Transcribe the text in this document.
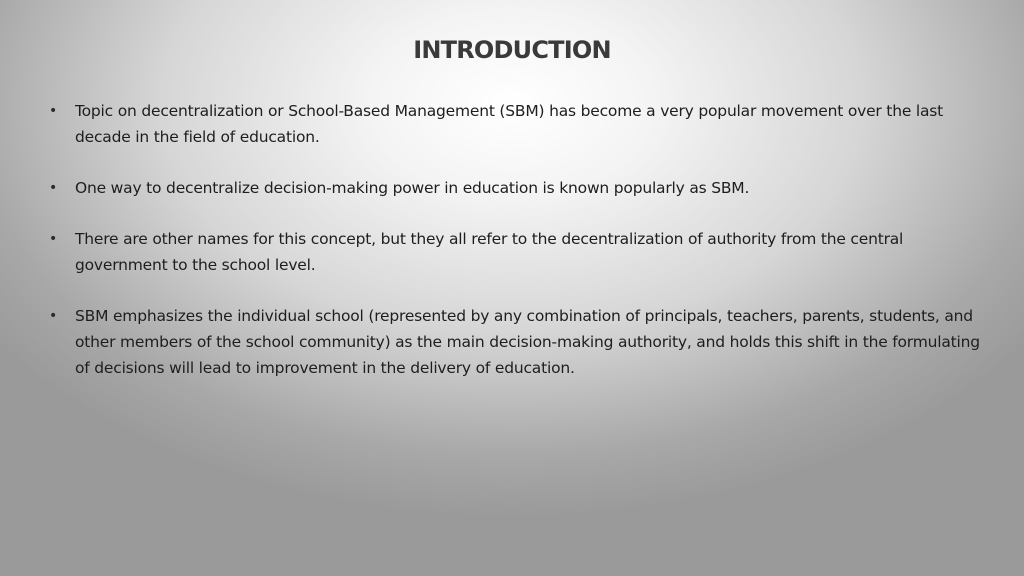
INTRODUCTION
• Topic on decentralization or School-Based Management (SBM) has become a very popular movement over the last decade in the field of education.
• One way to decentralize decision-making power in education is known popularly as SBM.
• There are other names for this concept, but they all refer to the decentralization of authority from the central government to the school level.
• SBM emphasizes the individual school (represented by any combination of principals, teachers, parents, students, and other members of the school community) as the main decision-making authority, and holds this shift in the formulating of decisions will lead to improvement in the delivery of education.
